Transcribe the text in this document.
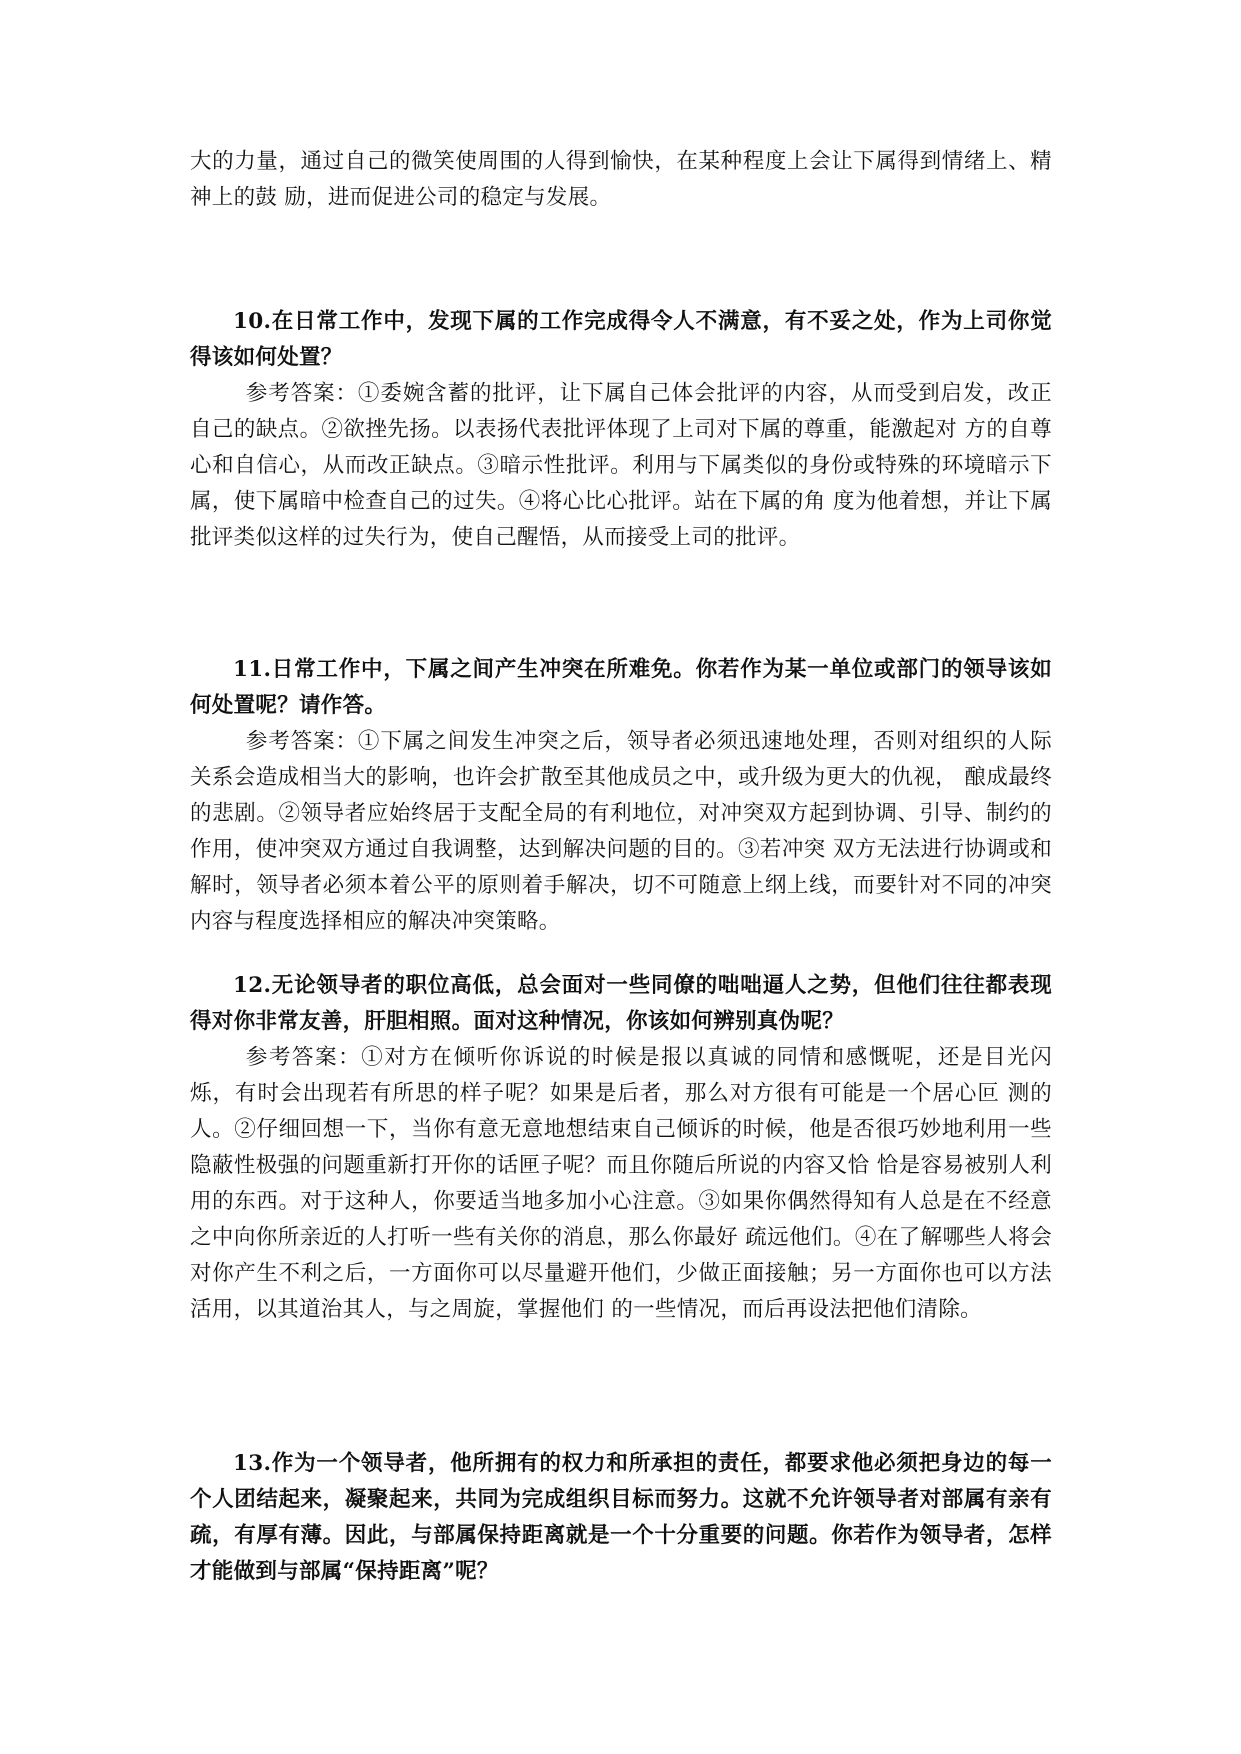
大的力量，通过自己的微笑使周围的人得到愉快，在某种程度上会让下属得到情绪上、精神上的鼓 励，进而促进公司的稳定与发展。

10.在日常工作中，发现下属的工作完成得令人不满意，有不妥之处，作为上司你觉得该如何处置？

参考答案：①委婉含蓄的批评，让下属自己体会批评的内容，从而受到启发，改正自己的缺点。②欲挫先扬。以表扬代表批评体现了上司对下属的尊重，能激起对 方的自尊心和自信心，从而改正缺点。③暗示性批评。利用与下属类似的身份或特殊的环境暗示下属，使下属暗中检查自己的过失。④将心比心批评。站在下属的角 度为他着想，并让下属批评类似这样的过失行为，使自己醒悟，从而接受上司的批评。

11.日常工作中，下属之间产生冲突在所难免。你若作为某一单位或部门的领导该如何处置呢？请作答。

参考答案：①下属之间发生冲突之后，领导者必须迅速地处理，否则对组织的人际关系会造成相当大的影响，也许会扩散至其他成员之中，或升级为更大的仇视， 酿成最终的悲剧。②领导者应始终居于支配全局的有利地位，对冲突双方起到协调、引导、制约的作用，使冲突双方通过自我调整，达到解决问题的目的。③若冲突 双方无法进行协调或和解时，领导者必须本着公平的原则着手解决，切不可随意上纲上线，而要针对不同的冲突内容与程度选择相应的解决冲突策略。

12.无论领导者的职位高低，总会面对一些同僚的咄咄逼人之势，但他们往往都表现得对你非常友善，肝胆相照。面对这种情况，你该如何辨别真伪呢？

参考答案：①对方在倾听你诉说的时候是报以真诚的同情和感慨呢，还是目光闪烁，有时会出现若有所思的样子呢？如果是后者，那么对方很有可能是一个居心叵 测的人。②仔细回想一下，当你有意无意地想结束自己倾诉的时候，他是否很巧妙地利用一些隐蔽性极强的问题重新打开你的话匣子呢？而且你随后所说的内容又恰 恰是容易被别人利用的东西。对于这种人，你要适当地多加小心注意。③如果你偶然得知有人总是在不经意之中向你所亲近的人打听一些有关你的消息，那么你最好 疏远他们。④在了解哪些人将会对你产生不利之后，一方面你可以尽量避开他们，少做正面接触；另一方面你也可以方法活用，以其道治其人，与之周旋，掌握他们 的一些情况，而后再设法把他们清除。

13.作为一个领导者，他所拥有的权力和所承担的责任，都要求他必须把身边的每一个人团结起来，凝聚起来，共同为完成组织目标而努力。这就不允许领导者对部属有亲有疏，有厚有薄。因此，与部属保持距离就是一个十分重要的问题。你若作为领导者，怎样才能做到与部属“保持距离”呢？
